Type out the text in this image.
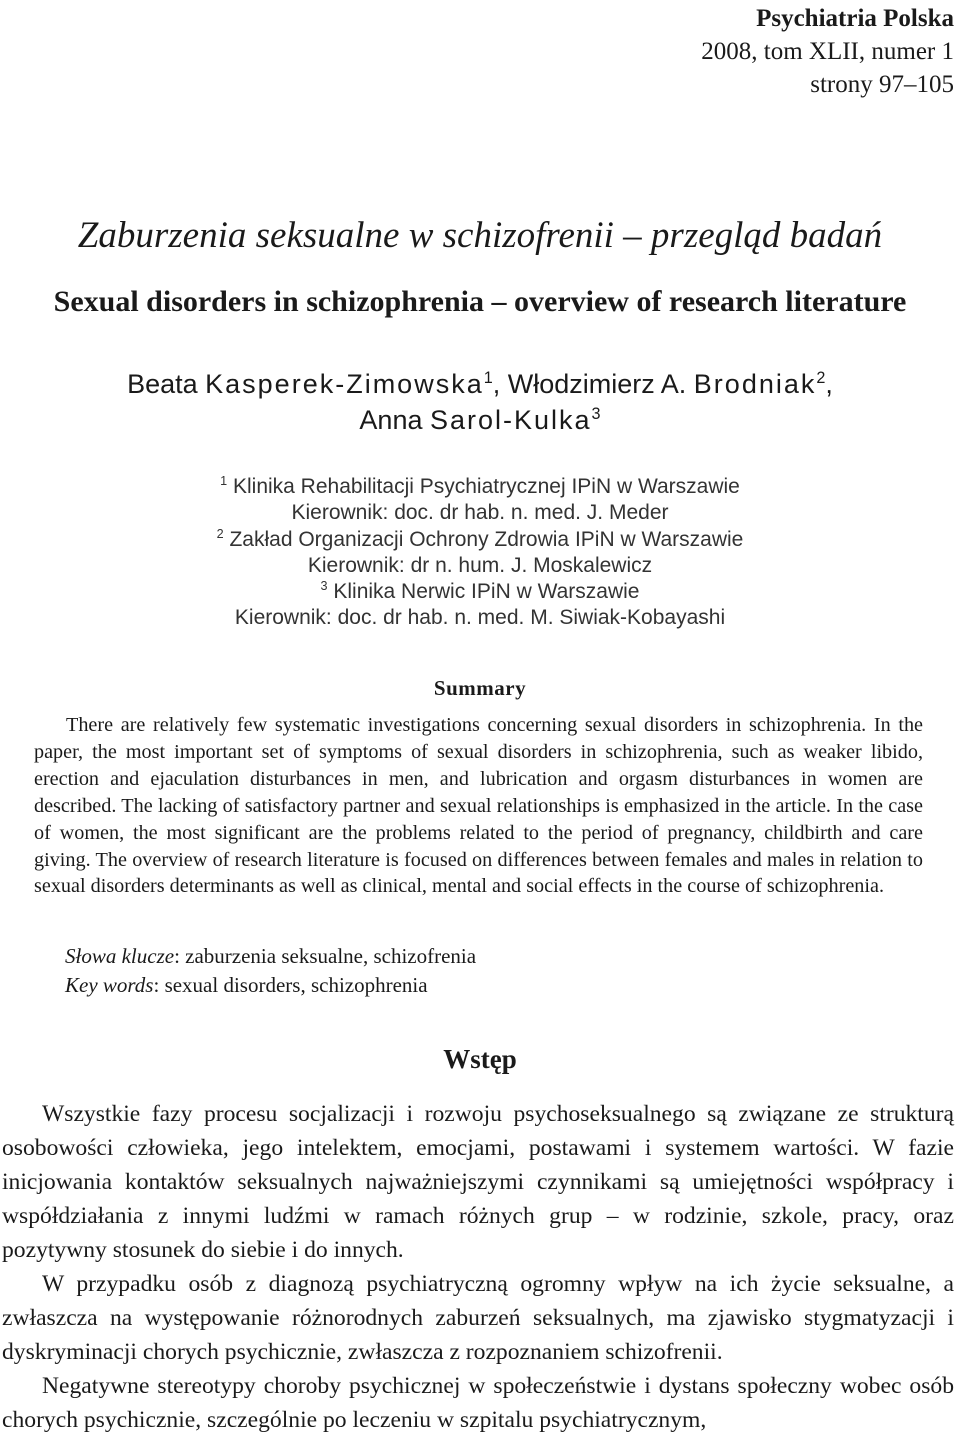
Psychiatria Polska
2008, tom XLII, numer 1
strony 97–105
Zaburzenia seksualne w schizofrenii – przegląd badań
Sexual disorders in schizophrenia – overview of research literature
Beata Kasperek-Zimowska$^1$, Włodzimierz A. Brodniak$^2$,
Anna Sarol-Kulka$^3$
$^1$ Klinika Rehabilitacji Psychiatrycznej IPiN w Warszawie
Kierownik: doc. dr hab. n. med. J. Meder
$^2$ Zakład Organizacji Ochrony Zdrowia IPiN w Warszawie
Kierownik: dr n. hum. J. Moskalewicz
$^3$ Klinika Nerwic IPiN w Warszawie
Kierownik: doc. dr hab. n. med. M. Siwiak-Kobayashi
Summary
There are relatively few systematic investigations concerning sexual disorders in schizophrenia. In the paper, the most important set of symptoms of sexual disorders in schizophrenia, such as weaker libido, erection and ejaculation disturbances in men, and lubrication and orgasm disturbances in women are described. The lacking of satisfactory partner and sexual relationships is emphasized in the article. In the case of women, the most significant are the problems related to the period of pregnancy, childbirth and care giving. The overview of research literature is focused on differences between females and males in relation to sexual disorders determinants as well as clinical, mental and social effects in the course of schizophrenia.
Słowa klucze: zaburzenia seksualne, schizofrenia
Key words: sexual disorders, schizophrenia
Wstęp

Wszystkie fazy procesu socjalizacji i rozwoju psychoseksualnego są związane ze strukturą osobowości człowieka, jego intelektem, emocjami, postawami i systemem wartości. W fazie inicjowania kontaktów seksualnych najważniejszymi czynnikami są umiejętności współpracy i współdziałania z innymi ludźmi w ramach różnych grup – w rodzinie, szkole, pracy, oraz pozytywny stosunek do siebie i do innych.

W przypadku osób z diagnozą psychiatryczną ogromny wpływ na ich życie seksualne, a zwłaszcza na występowanie różnorodnych zaburzeń seksualnych, ma zjawisko stygmatyzacji i dyskryminacji chorych psychicznie, zwłaszcza z rozpoznaniem schizofrenii.

Negatywne stereotypy choroby psychicznej w społeczeństwie i dystans społeczny wobec osób chorych psychicznie, szczególnie po leczeniu w szpitalu psychiatrycznym,
